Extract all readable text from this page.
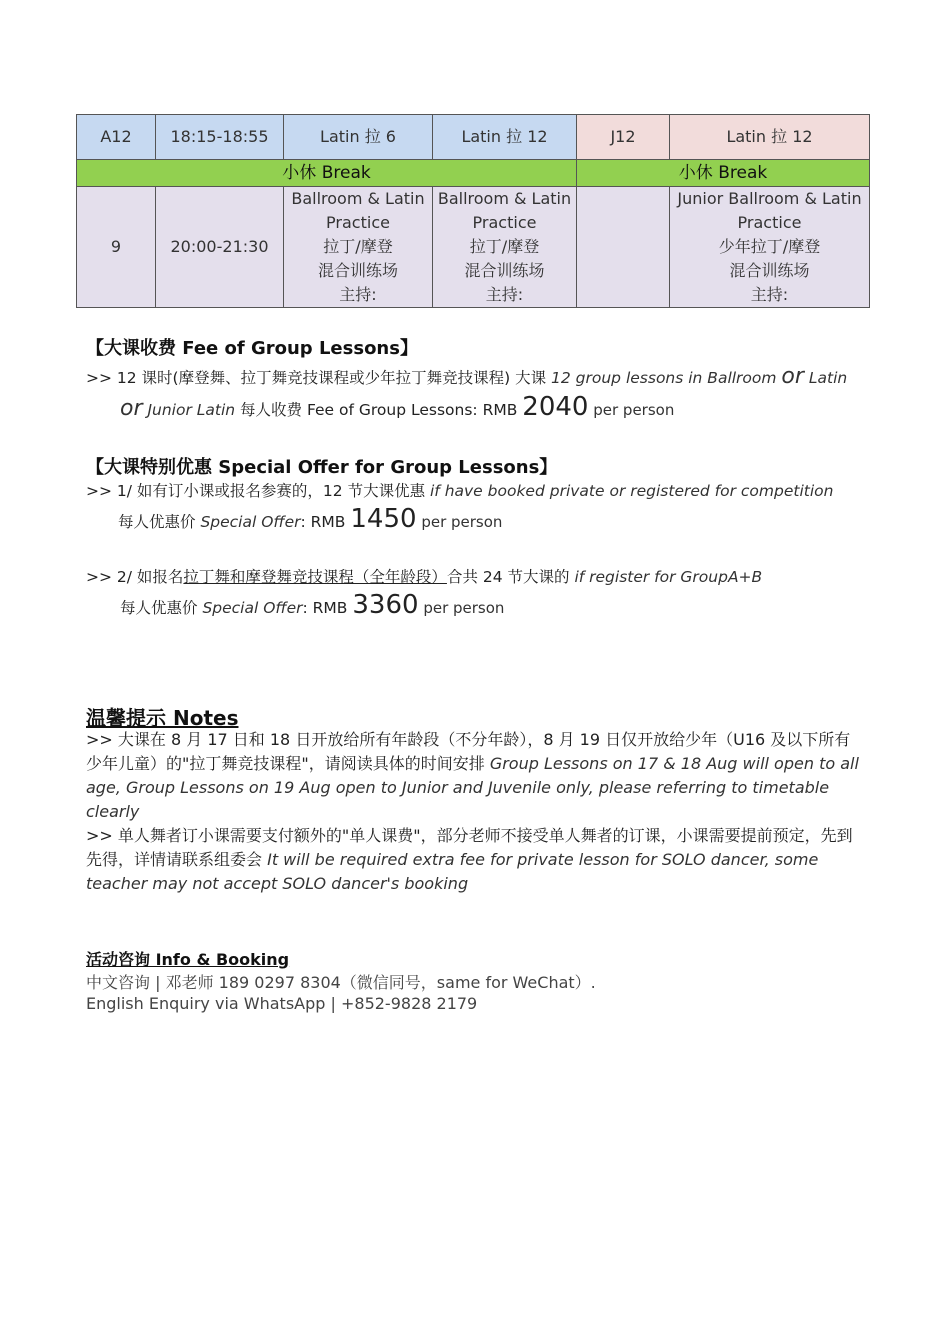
A12	18:15-18:55	Latin 拉 6	Latin 拉 12	J12	Latin 拉 12
小休 Break				小休 Break	
9	20:00-21:30	Ballroom & Latin
Practice
拉丁/摩登
混合训练场
主持:	Ballroom & Latin
Practice
拉丁/摩登
混合训练场
主持:		Junior Ballroom & Latin
Practice
少年拉丁/摩登
混合训练场
主持:
【大课收费 Fee of Group Lessons】
>> 12 课时(摩登舞、拉丁舞竞技课程或少年拉丁舞竞技课程) 大课 12 group lessons in Ballroom or Latin
or Junior Latin 每人收费 Fee of Group Lessons: RMB 2040 per person
【大课特别优惠 Special Offer for Group Lessons】
>> 1/ 如有订小课或报名参赛的，12 节大课优惠 if have booked private or registered for competition
每人优惠价 Special Offer: RMB 1450 per person
>> 2/ 如报名拉丁舞和摩登舞竞技课程（全年龄段）合共 24 节大课的 if register for GroupA+B
每人优惠价 Special Offer: RMB 3360 per person
温馨提示 Notes
>> 大课在 8 月 17 日和 18 日开放给所有年龄段（不分年龄），8 月 19 日仅开放给少年（U16 及以下所有少年儿童）的"拉丁舞竞技课程"，请阅读具体的时间安排 Group Lessons on 17 & 18 Aug will open to all age, Group Lessons on 19 Aug open to Junior and Juvenile only, please referring to timetable clearly
>> 单人舞者订小课需要支付额外的"单人课费"，部分老师不接受单人舞者的订课，小课需要提前预定，先到先得，详情请联系组委会 It will be required extra fee for private lesson for SOLO dancer, some teacher may not accept SOLO dancer's booking
活动咨询 Info & Booking
中文咨询 | 邓老师 189 0297 8304（微信同号，same for WeChat）.
English Enquiry via WhatsApp | +852-9828 2179
